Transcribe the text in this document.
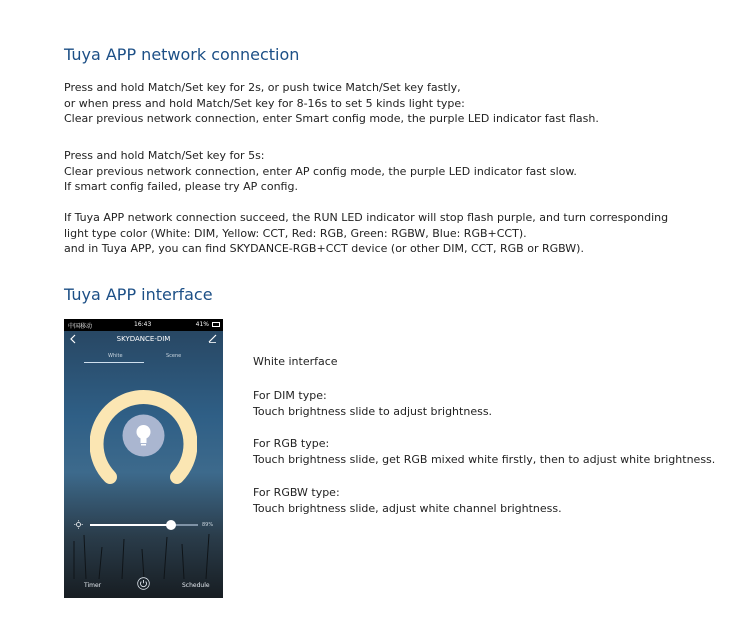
Tuya APP network connection
Press and hold Match/Set key for 2s, or push twice Match/Set key fastly,
or when press and hold Match/Set key for 8-16s to set 5 kinds light type:
Clear previous network connection, enter Smart config mode, the purple LED indicator fast flash.
Press and hold Match/Set key for 5s:
Clear previous network connection, enter AP config mode, the purple LED indicator fast slow.
If smart config failed, please try AP config.
If Tuya APP network connection succeed, the RUN LED indicator will stop flash purple, and turn corresponding
light type color (White: DIM, Yellow: CCT, Red: RGB, Green: RGBW, Blue: RGB+CCT).
and in Tuya APP, you can find SKYDANCE-RGB+CCT device (or other DIM, CCT, RGB or RGBW).
Tuya APP interface
中国移动	16:43	41%
SKYDANCE-DIM
White	Scene
89%
Timer	Schedule
White interface
For DIM type:
Touch brightness slide to adjust brightness.
For RGB type:
Touch brightness slide, get RGB mixed white firstly, then to adjust white brightness.
For RGBW type:
Touch brightness slide, adjust white channel brightness.
